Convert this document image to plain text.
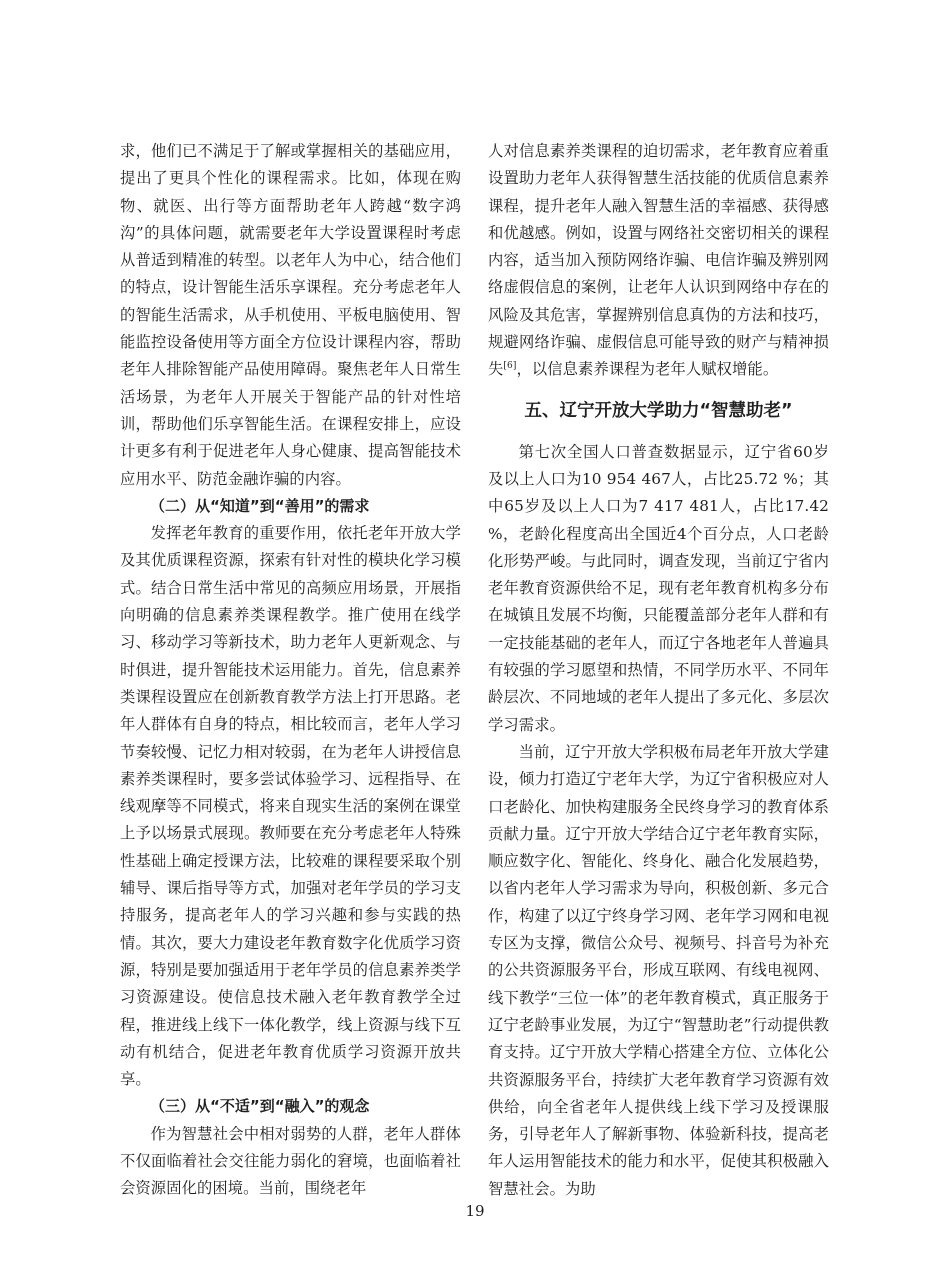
求，他们已不满足于了解或掌握相关的基础应用，提出了更具个性化的课程需求。比如，体现在购物、就医、出行等方面帮助老年人跨越“数字鸿沟”的具体问题，就需要老年大学设置课程时考虑从普适到精准的转型。以老年人为中心，结合他们的特点，设计智能生活乐享课程。充分考虑老年人的智能生活需求，从手机使用、平板电脑使用、智能监控设备使用等方面全方位设计课程内容，帮助老年人排除智能产品使用障碍。聚焦老年人日常生活场景，为老年人开展关于智能产品的针对性培训，帮助他们乐享智能生活。在课程安排上，应设计更多有利于促进老年人身心健康、提高智能技术应用水平、防范金融诈骗的内容。

（二）从“知道”到“善用”的需求

发挥老年教育的重要作用，依托老年开放大学及其优质课程资源，探索有针对性的模块化学习模式。结合日常生活中常见的高频应用场景，开展指向明确的信息素养类课程教学。推广使用在线学习、移动学习等新技术，助力老年人更新观念、与时俱进，提升智能技术运用能力。首先，信息素养类课程设置应在创新教育教学方法上打开思路。老年人群体有自身的特点，相比较而言，老年人学习节奏较慢、记忆力相对较弱，在为老年人讲授信息素养类课程时，要多尝试体验学习、远程指导、在线观摩等不同模式，将来自现实生活的案例在课堂上予以场景式展现。教师要在充分考虑老年人特殊性基础上确定授课方法，比较难的课程要采取个别辅导、课后指导等方式，加强对老年学员的学习支持服务，提高老年人的学习兴趣和参与实践的热情。其次，要大力建设老年教育数字化优质学习资源，特别是要加强适用于老年学员的信息素养类学习资源建设。使信息技术融入老年教育教学全过程，推进线上线下一体化教学，线上资源与线下互动有机结合，促进老年教育优质学习资源开放共享。

（三）从“不适”到“融入”的观念

作为智慧社会中相对弱势的人群，老年人群体不仅面临着社会交往能力弱化的窘境，也面临着社会资源固化的困境。当前，围绕老年

人对信息素养类课程的迫切需求，老年教育应着重设置助力老年人获得智慧生活技能的优质信息素养课程，提升老年人融入智慧生活的幸福感、获得感和优越感。例如，设置与网络社交密切相关的课程内容，适当加入预防网络诈骗、电信诈骗及辨别网络虚假信息的案例，让老年人认识到网络中存在的风险及其危害，掌握辨别信息真伪的方法和技巧，规避网络诈骗、虚假信息可能导致的财产与精神损失[6]，以信息素养课程为老年人赋权增能。

五、辽宁开放大学助力“智慧助老”

第七次全国人口普查数据显示，辽宁省60岁及以上人口为10 954 467人，占比25.72 %；其中65岁及以上人口为7 417 481人，占比17.42 %，老龄化程度高出全国近4个百分点，人口老龄化形势严峻。与此同时，调查发现，当前辽宁省内老年教育资源供给不足，现有老年教育机构多分布在城镇且发展不均衡，只能覆盖部分老年人群和有一定技能基础的老年人，而辽宁各地老年人普遍具有较强的学习愿望和热情，不同学历水平、不同年龄层次、不同地域的老年人提出了多元化、多层次学习需求。

当前，辽宁开放大学积极布局老年开放大学建设，倾力打造辽宁老年大学，为辽宁省积极应对人口老龄化、加快构建服务全民终身学习的教育体系贡献力量。辽宁开放大学结合辽宁老年教育实际，顺应数字化、智能化、终身化、融合化发展趋势，以省内老年人学习需求为导向，积极创新、多元合作，构建了以辽宁终身学习网、老年学习网和电视专区为支撑，微信公众号、视频号、抖音号为补充的公共资源服务平台，形成互联网、有线电视网、线下教学“三位一体”的老年教育模式，真正服务于辽宁老龄事业发展，为辽宁“智慧助老”行动提供教育支持。辽宁开放大学精心搭建全方位、立体化公共资源服务平台，持续扩大老年教育学习资源有效供给，向全省老年人提供线上线下学习及授课服务，引导老年人了解新事物、体验新科技，提高老年人运用智能技术的能力和水平，促使其积极融入智慧社会。为助

19
